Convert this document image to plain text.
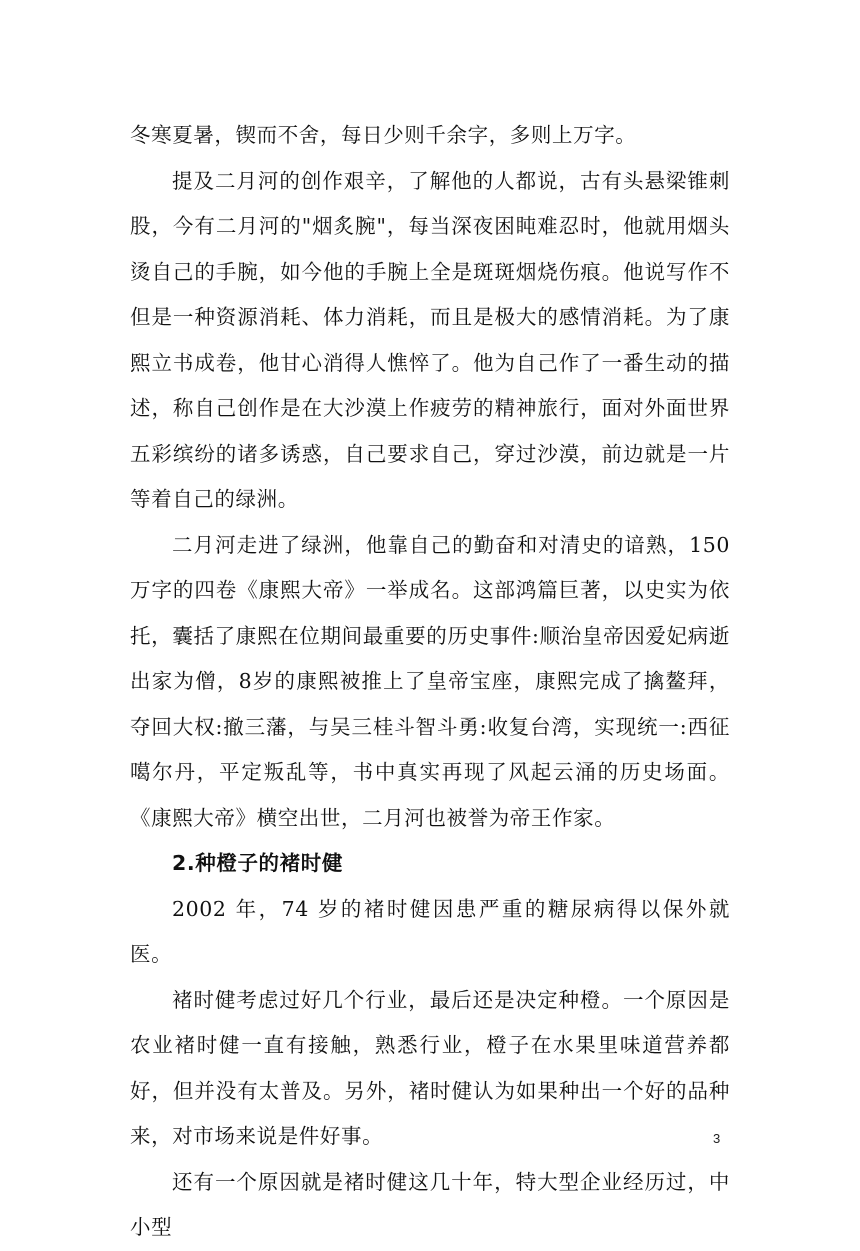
冬寒夏暑，锲而不舍，每日少则千余字，多则上万字。

提及二月河的创作艰辛，了解他的人都说，古有头悬梁锥刺股，今有二月河的"烟炙腕"，每当深夜困盹难忍时，他就用烟头烫自己的手腕，如今他的手腕上全是斑斑烟烧伤痕。他说写作不但是一种资源消耗、体力消耗，而且是极大的感情消耗。为了康熙立书成卷，他甘心消得人憔悴了。他为自己作了一番生动的描述，称自己创作是在大沙漠上作疲劳的精神旅行，面对外面世界五彩缤纷的诸多诱惑，自己要求自己，穿过沙漠，前边就是一片等着自己的绿洲。

二月河走进了绿洲，他靠自己的勤奋和对清史的谙熟，150 万字的四卷《康熙大帝》一举成名。这部鸿篇巨著，以史实为依托，囊括了康熙在位期间最重要的历史事件:顺治皇帝因爱妃病逝出家为僧，8岁的康熙被推上了皇帝宝座，康熙完成了擒鳌拜，夺回大权:撤三藩，与吴三桂斗智斗勇:收复台湾，实现统一:西征噶尔丹，平定叛乱等，书中真实再现了风起云涌的历史场面。《康熙大帝》横空出世，二月河也被誉为帝王作家。

2.种橙子的褚时健

2002 年，74 岁的褚时健因患严重的糖尿病得以保外就医。

褚时健考虑过好几个行业，最后还是决定种橙。一个原因是农业褚时健一直有接触，熟悉行业，橙子在水果里味道营养都好，但并没有太普及。另外，褚时健认为如果种出一个好的品种来，对市场来说是件好事。

还有一个原因就是褚时健这几十年，特大型企业经历过，中小型

3
